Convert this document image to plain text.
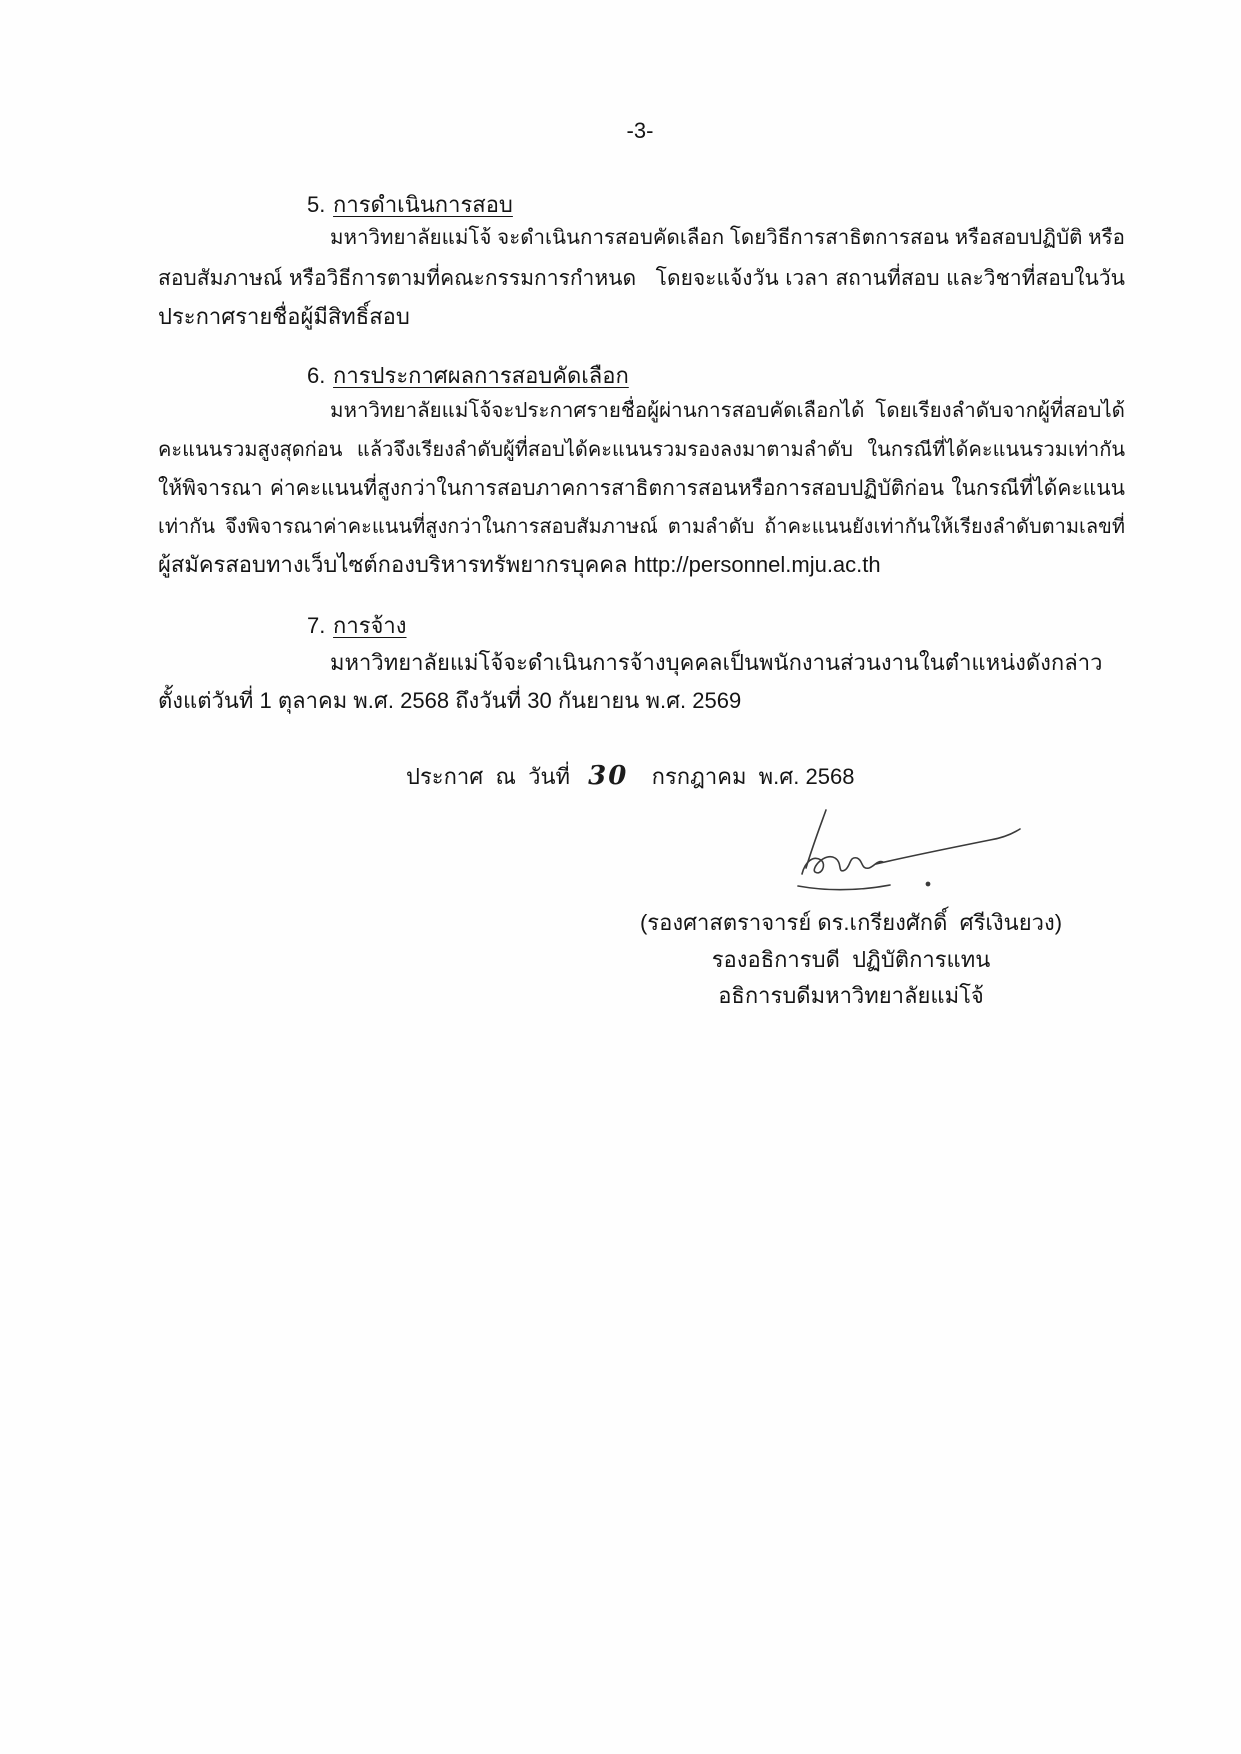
-3-
5. การดำเนินการสอบ
มหาวิทยาลัยแม่โจ้ จะดำเนินการสอบคัดเลือก โดยวิธีการสาธิตการสอน หรือสอบปฏิบัติ หรือ
สอบสัมภาษณ์ หรือวิธีการตามที่คณะกรรมการกำหนด   โดยจะแจ้งวัน เวลา สถานที่สอบ และวิชาที่สอบในวัน
ประกาศรายชื่อผู้มีสิทธิ์สอบ
6. การประกาศผลการสอบคัดเลือก
มหาวิทยาลัยแม่โจ้จะประกาศรายชื่อผู้ผ่านการสอบคัดเลือกได้ โดยเรียงลำดับจากผู้ที่สอบได้
คะแนนรวมสูงสุดก่อน แล้วจึงเรียงลำดับผู้ที่สอบได้คะแนนรวมรองลงมาตามลำดับ ในกรณีที่ได้คะแนนรวมเท่ากัน
ให้พิจารณา ค่าคะแนนที่สูงกว่าในการสอบภาคการสาธิตการสอนหรือการสอบปฏิบัติก่อน ในกรณีที่ได้คะแนน
เท่ากัน จึงพิจารณาค่าคะแนนที่สูงกว่าในการสอบสัมภาษณ์ ตามลำดับ ถ้าคะแนนยังเท่ากันให้เรียงลำดับตามเลขที่
ผู้สมัครสอบทางเว็บไซต์กองบริหารทรัพยากรบุคคล http://personnel.mju.ac.th
7. การจ้าง
มหาวิทยาลัยแม่โจ้จะดำเนินการจ้างบุคคลเป็นพนักงานส่วนงานในตำแหน่งดังกล่าว
ตั้งแต่วันที่ 1 ตุลาคม พ.ศ. 2568 ถึงวันที่ 30 กันยายน พ.ศ. 2569
ประกาศ  ณ  วันที่ 30 กรกฎาคม  พ.ศ. 2568
(รองศาสตราจารย์ ดร.เกรียงศักดิ์  ศรีเงินยวง)
รองอธิการบดี  ปฏิบัติการแทน
อธิการบดีมหาวิทยาลัยแม่โจ้
